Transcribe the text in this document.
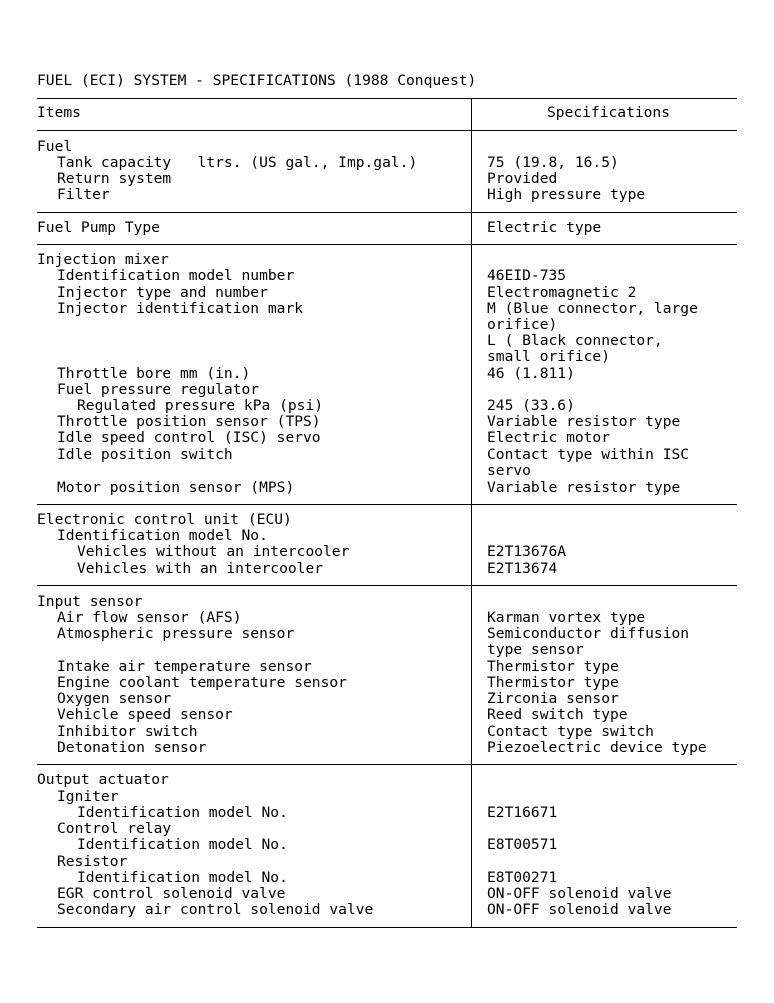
FUEL (ECI) SYSTEM - SPECIFICATIONS (1988 Conquest)
Items	Specifications
Fuel
Tank capacity   ltrs. (US gal., Imp.gal.)	75 (19.8, 16.5)
Return system	Provided
Filter	High pressure type
Fuel Pump Type	Electric type
Injection mixer
Identification model number	46EID-735
Injector type and number	Electromagnetic 2
Injector identification mark	M (Blue connector, large
orifice)
L ( Black connector,
small orifice)
Throttle bore mm (in.)	46 (1.811)
Fuel pressure regulator
Regulated pressure kPa (psi)	245 (33.6)
Throttle position sensor (TPS)	Variable resistor type
Idle speed control (ISC) servo	Electric motor
Idle position switch	Contact type within ISC
servo
Motor position sensor (MPS)	Variable resistor type
Electronic control unit (ECU)
Identification model No.
Vehicles without an intercooler	E2T13676A
Vehicles with an intercooler	E2T13674
Input sensor
Air flow sensor (AFS)	Karman vortex type
Atmospheric pressure sensor	Semiconductor diffusion
type sensor
Intake air temperature sensor	Thermistor type
Engine coolant temperature sensor	Thermistor type
Oxygen sensor	Zirconia sensor
Vehicle speed sensor	Reed switch type
Inhibitor switch	Contact type switch
Detonation sensor	Piezoelectric device type
Output actuator
Igniter
Identification model No.	E2T16671
Control relay
Identification model No.	E8T00571
Resistor
Identification model No.	E8T00271
EGR control solenoid valve	ON-OFF solenoid valve
Secondary air control solenoid valve	ON-OFF solenoid valve
